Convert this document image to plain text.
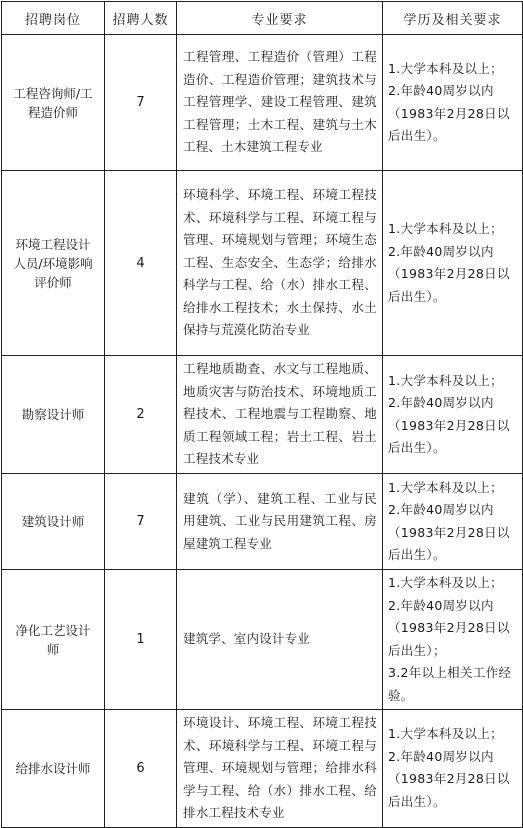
招聘岗位	招聘人数	专业要求	学历及相关要求
工程咨询师/工程造价师	7	工程管理、工程造价（管理）工程造价、工程造价管理；建筑技术与工程管理学、建设工程管理、建筑工程管理；土木工程、建筑与土木工程、土木建筑工程专业	1.大学本科及以上；
2.年龄40周岁以内（1983年2月28日以后出生）。

环境工程设计人员/环境影响评价师	4	环境科学、环境工程、环境工程技术、环境科学与工程、环境工程与管理、环境规划与管理；环境生态工程、生态安全、生态学；给排水科学与工程、给（水）排水工程、给排水工程技术；水土保持、水土保持与荒漠化防治专业	1.大学本科及以上；
2.年龄40周岁以内（1983年2月28日以后出生）。

勘察设计师	2	工程地质勘查、水文与工程地质、地质灾害与防治技术、环境地质工程技术、工程地震与工程勘察、地质工程领域工程；岩土工程、岩土工程技术专业	1.大学本科及以上；
2.年龄40周岁以内（1983年2月28日以后出生）。

建筑设计师	7	建筑（学）、建筑工程、工业与民用建筑、工业与民用建筑工程、房屋建筑工程专业	1.大学本科及以上；
2.年龄40周岁以内（1983年2月28日以后出生）。

净化工艺设计师	1	建筑学、室内设计专业	1.大学本科及以上；
2.年龄40周岁以内（1983年2月28日以后出生）；
3.2年以上相关工作经验。

给排水设计师	6	环境设计、环境工程、环境工程技术、环境科学与工程、环境工程与管理、环境规划与管理；给排水科学与工程、给（水）排水工程、给排水工程技术专业	1.大学本科及以上；
2.年龄40周岁以内（1983年2月28日以后出生）。
